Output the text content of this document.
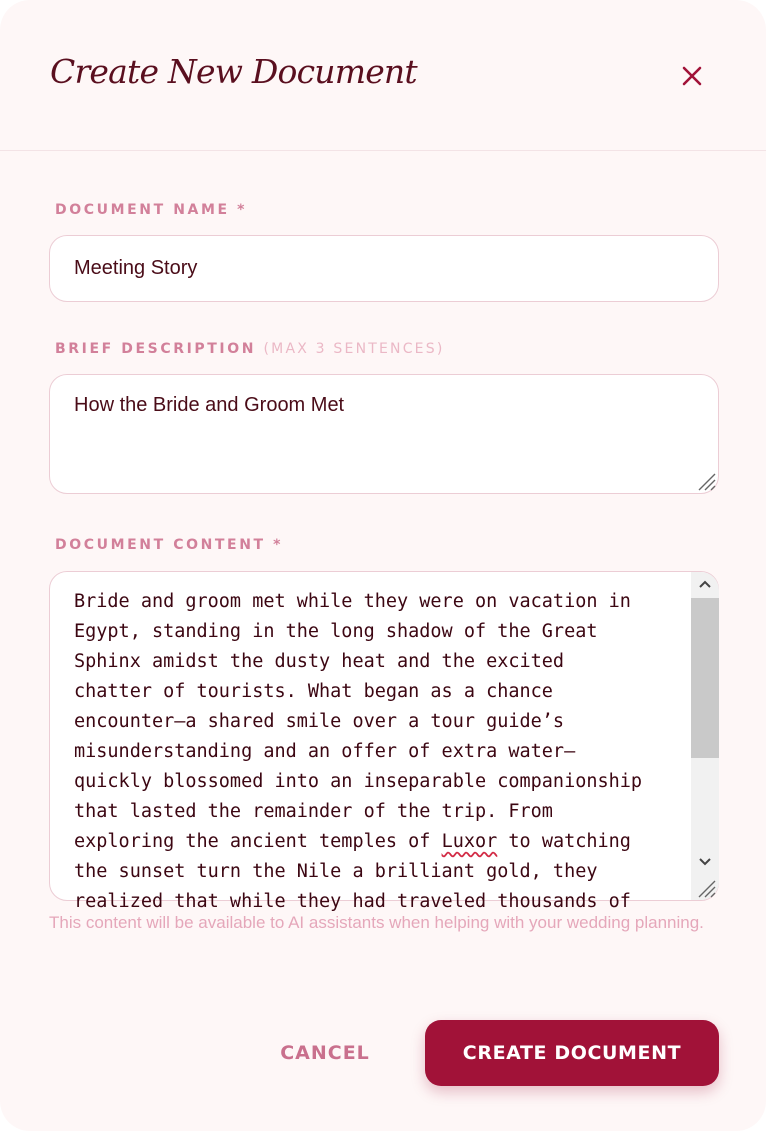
Create New Document
DOCUMENT NAME *
Meeting Story
BRIEF DESCRIPTION (MAX 3 SENTENCES)
How the Bride and Groom Met
DOCUMENT CONTENT *
Bride and groom met while they were on vacation in
Egypt, standing in the long shadow of the Great
Sphinx amidst the dusty heat and the excited
chatter of tourists. What began as a chance
encounter—a shared smile over a tour guide’s
misunderstanding and an offer of extra water—
quickly blossomed into an inseparable companionship
that lasted the remainder of the trip. From
exploring the ancient temples of Luxor to watching
the sunset turn the Nile a brilliant gold, they
realized that while they had traveled thousands of
This content will be available to AI assistants when helping with your wedding planning.
CANCEL	CREATE DOCUMENT
